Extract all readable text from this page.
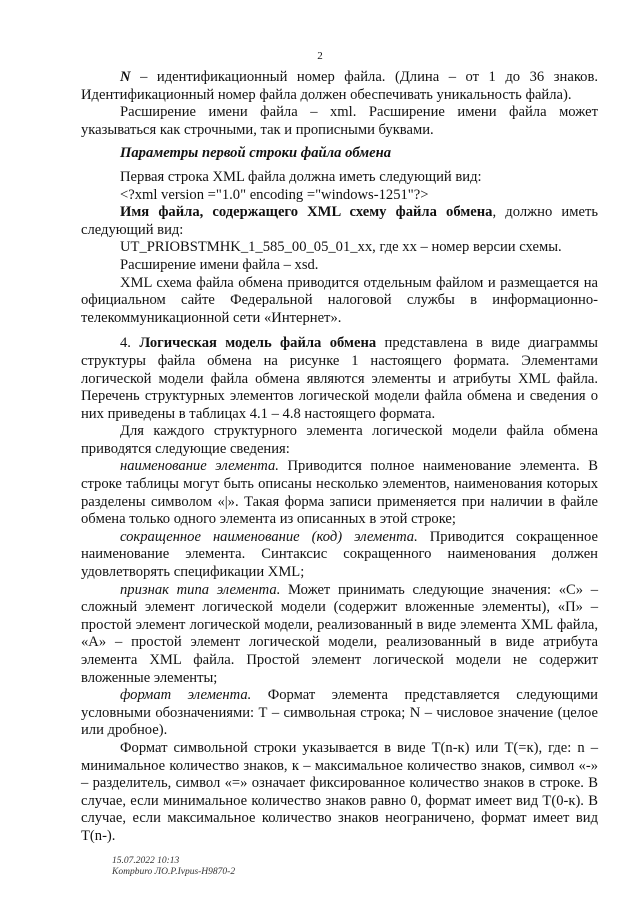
2

N – идентификационный номер файла. (Длина – от 1 до 36 знаков. Идентификационный номер файла должен обеспечивать уникальность файла).

Расширение имени файла – xml. Расширение имени файла может указываться как строчными, так и прописными буквами.

Параметры первой строки файла обмена

Первая строка XML файла должна иметь следующий вид:

<?xml version ="1.0" encoding ="windows-1251"?>

Имя файла, содержащего XML схему файла обмена, должно иметь следующий вид:

UT_PRIOBSTMHK_1_585_00_05_01_xx, где хх – номер версии схемы.

Расширение имени файла – xsd.

XML схема файла обмена приводится отдельным файлом и размещается на официальном сайте Федеральной налоговой службы в информационно-телекоммуникационной сети «Интернет».

4. Логическая модель файла обмена представлена в виде диаграммы структуры файла обмена на рисунке 1 настоящего формата. Элементами логической модели файла обмена являются элементы и атрибуты XML файла. Перечень структурных элементов логической модели файла обмена и сведения о них приведены в таблицах 4.1 – 4.8 настоящего формата.

Для каждого структурного элемента логической модели файла обмена приводятся следующие сведения:

наименование элемента. Приводится полное наименование элемента. В строке таблицы могут быть описаны несколько элементов, наименования которых разделены символом «|». Такая форма записи применяется при наличии в файле обмена только одного элемента из описанных в этой строке;

сокращенное наименование (код) элемента. Приводится сокращенное наименование элемента. Синтаксис сокращенного наименования должен удовлетворять спецификации XML;

признак типа элемента. Может принимать следующие значения: «С» – сложный элемент логической модели (содержит вложенные элементы), «П» – простой элемент логической модели, реализованный в виде элемента XML файла, «А» – простой элемент логической модели, реализованный в виде атрибута элемента XML файла. Простой элемент логической модели не содержит вложенные элементы;

формат элемента. Формат элемента представляется следующими условными обозначениями: Т – символьная строка; N – числовое значение (целое или дробное).

Формат символьной строки указывается в виде Т(n-к) или Т(=к), где: n – минимальное количество знаков, к – максимальное количество знаков, символ «-» – разделитель, символ «=» означает фиксированное количество знаков в строке. В случае, если минимальное количество знаков равно 0, формат имеет вид Т(0-к). В случае, если максимальное количество знаков неограничено, формат имеет вид Т(n-).

15.07.2022 10:13
Kompburo ЛО.Р.Ivpus-H9870-2
